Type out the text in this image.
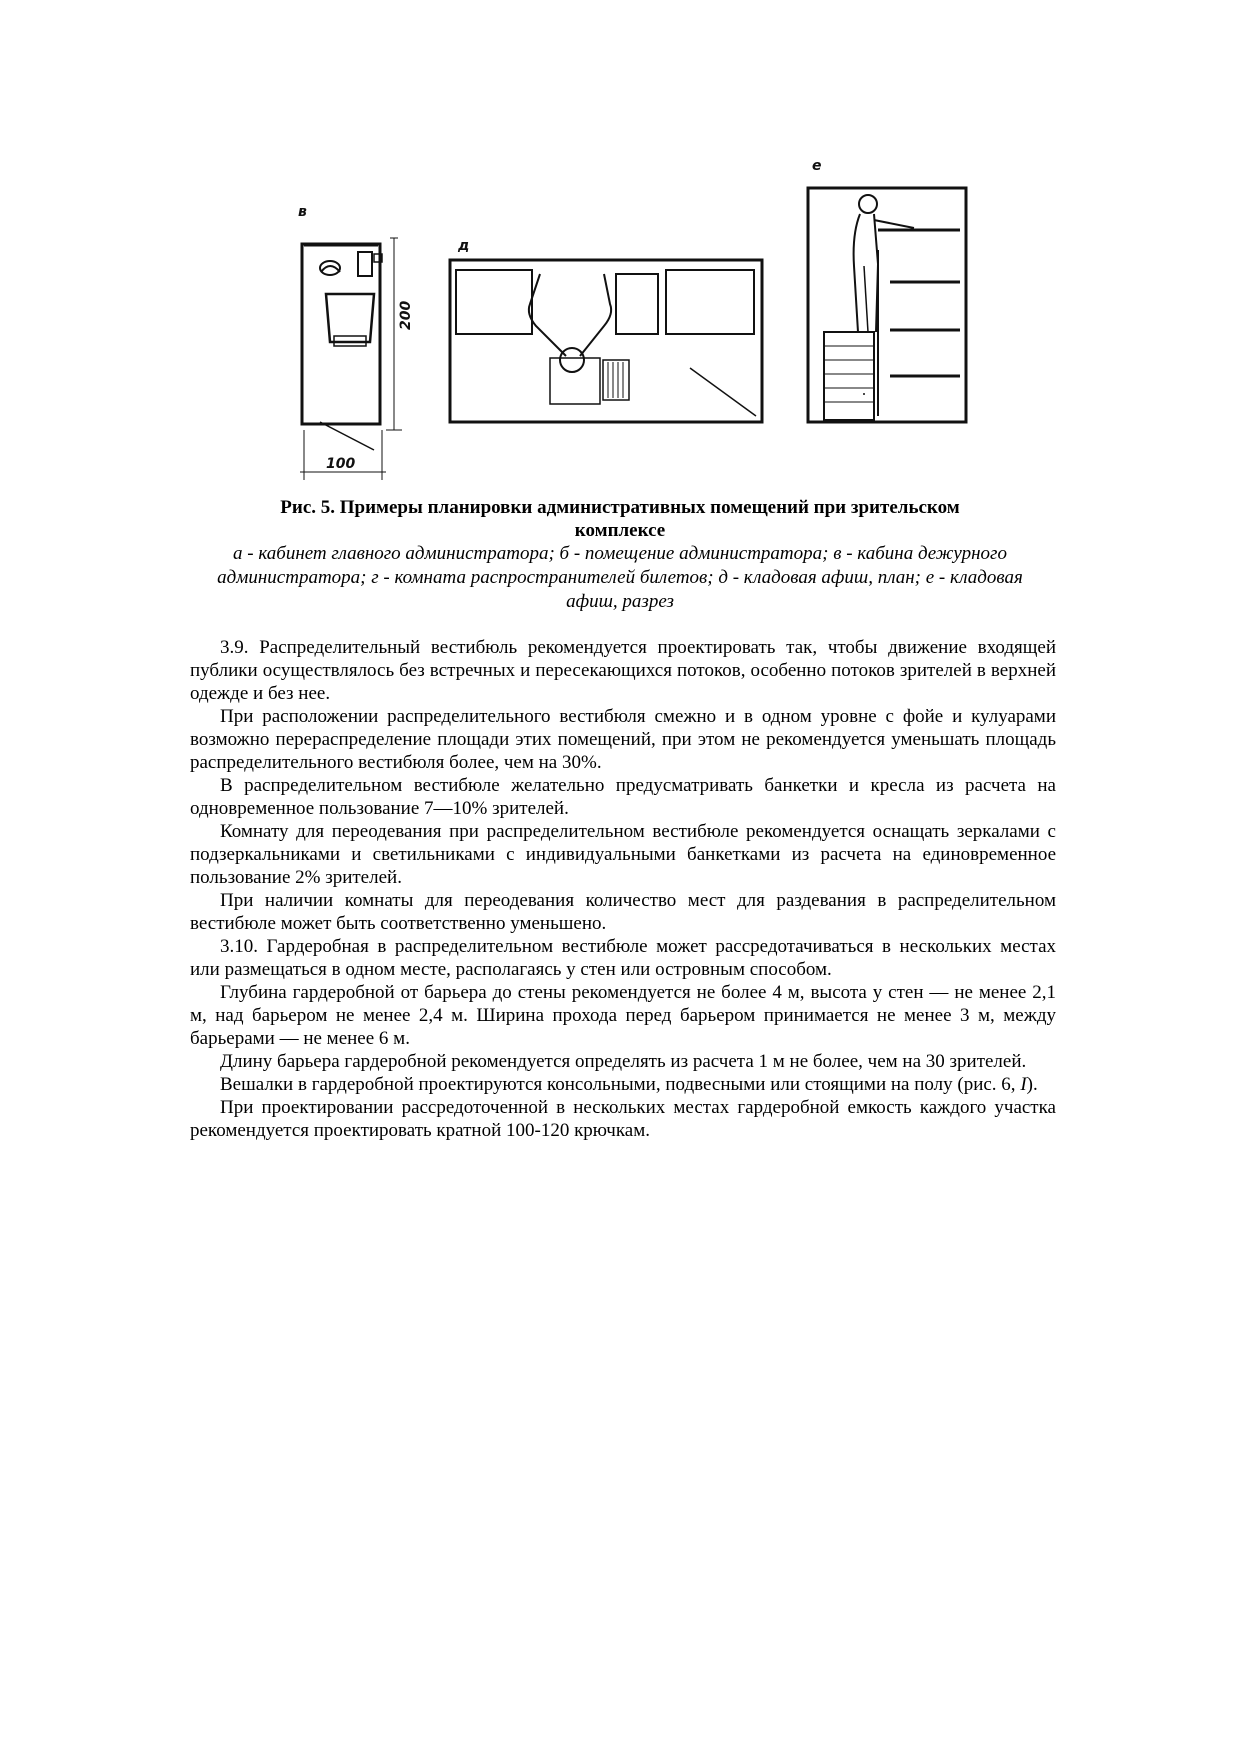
в
д
е
200
100
Рис. 5. Примеры планировки административных помещений при зрительском комплексе
а - кабинет главного администратора; б - помещение администратора; в - кабина дежурного администратора; г - комната распространителей билетов; д - кладовая афиш, план; е - кладовая афиш, разрез

3.9. Распределительный вестибюль рекомендуется проектировать так, чтобы движение входящей публики осуществлялось без встречных и пересекающихся потоков, особенно потоков зрителей в верхней одежде и без нее.

При расположении распределительного вестибюля смежно и в одном уровне с фойе и кулуарами возможно перераспределение площади этих помещений, при этом не рекомендуется уменьшать площадь распределительного вестибюля более, чем на 30%.

В распределительном вестибюле желательно предусматривать банкетки и кресла из расчета на одновременное пользование 7—10% зрителей.

Комнату для переодевания при распределительном вестибюле рекомендуется оснащать зеркалами с подзеркальниками и светильниками с индивидуальными банкетками из расчета на единовременное пользование 2% зрителей.

При наличии комнаты для переодевания количество мест для раздевания в распределительном вестибюле может быть соответственно уменьшено.

3.10. Гардеробная в распределительном вестибюле может рассредотачиваться в нескольких местах или размещаться в одном месте, располагаясь у стен или островным способом.

Глубина гардеробной от барьера до стены рекомендуется не более 4 м, высота у стен — не менее 2,1 м, над барьером не менее 2,4 м. Ширина прохода перед барьером принимается не менее 3 м, между барьерами — не менее 6 м.

Длину барьера гардеробной рекомендуется определять из расчета 1 м не более, чем на 30 зрителей.

Вешалки в гардеробной проектируются консольными, подвесными или стоящими на полу (рис. 6, I).

При проектировании рассредоточенной в нескольких местах гардеробной емкость каждого участка рекомендуется проектировать кратной 100-120 крючкам.
